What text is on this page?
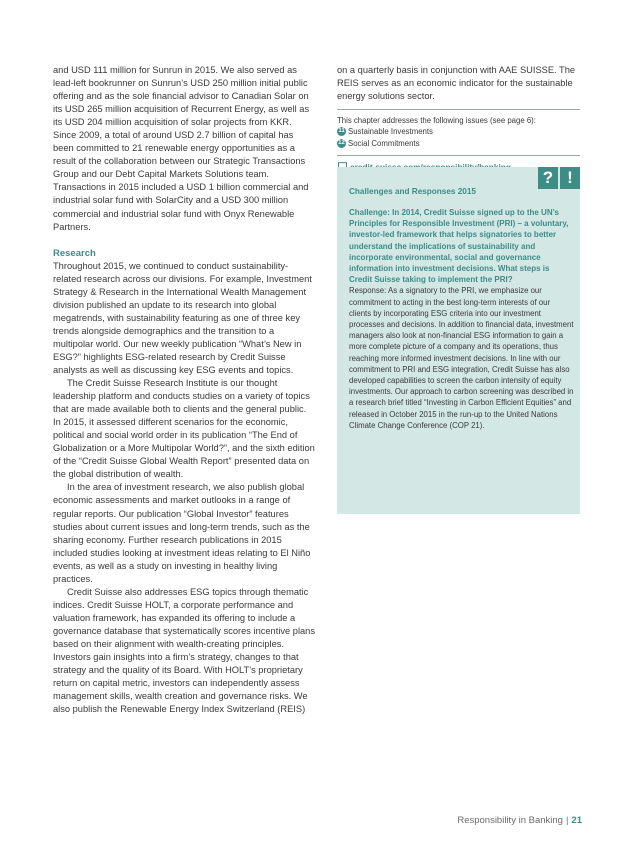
and USD 111 million for Sunrun in 2015. We also served as lead-left bookrunner on Sunrun’s USD 250 million initial public offering and as the sole financial advisor to Canadian Solar on its USD 265 million acquisition of Recurrent Energy, as well as its USD 204 million acquisition of solar projects from KKR. Since 2009, a total of around USD 2.7 billion of capital has been committed to 21 renewable energy opportunities as a result of the collaboration between our Strategic Transactions Group and our Debt Capital Markets Solutions team. Transactions in 2015 included a USD 1 billion commercial and industrial solar fund with SolarCity and a USD 300 million commercial and industrial solar fund with Onyx Renewable Partners.

Research

Throughout 2015, we continued to conduct sustainability-related research across our divisions. For example, Investment Strategy & Research in the International Wealth Management division published an update to its research into global megatrends, with sustainability featuring as one of three key trends alongside demographics and the transition to a multipolar world. Our new weekly publication “What’s New in ESG?” highlights ESG-related research by Credit Suisse analysts as well as discussing key ESG events and topics.

The Credit Suisse Research Institute is our thought leadership platform and conducts studies on a variety of topics that are made available both to clients and the general public. In 2015, it assessed different scenarios for the economic, political and social world order in its publication “The End of Globalization or a More Multipolar World?”, and the sixth edition of the “Credit Suisse Global Wealth Report” presented data on the global distribution of wealth.

In the area of investment research, we also publish global economic assessments and market outlooks in a range of regular reports. Our publication “Global Investor” features studies about current issues and long-term trends, such as the sharing economy. Further research publications in 2015 included studies looking at investment ideas relating to El Niño events, as well as a study on investing in healthy living practices.

Credit Suisse also addresses ESG topics through thematic indices. Credit Suisse HOLT, a corporate performance and valuation framework, has expanded its offering to include a governance database that systematically scores incentive plans based on their alignment with wealth-creating principles. Investors gain insights into a firm’s strategy, changes to that strategy and the quality of its Board. With HOLT’s proprietary return on capital metric, investors can independently assess management skills, wealth creation and governance risks. We also publish the Renewable Energy Index Switzerland (REIS)

on a quarterly basis in conjunction with AAE SUISSE. The REIS serves as an economic indicator for the sustainable energy solutions sector.

This chapter addresses the following issues (see page 6):
11 Sustainable Investments
12 Social Commitments
? !
Challenges and Responses 2015
Challenge: In 2014, Credit Suisse signed up to the UN’s Principles for Responsible Investment (PRI) – a voluntary, investor-led framework that helps signatories to better understand the implications of sustainability and incorporate environmental, social and governance information into investment decisions. What steps is Credit Suisse taking to implement the PRI?
Response: As a signatory to the PRI, we emphasize our commitment to acting in the best long-term interests of our clients by incorporating ESG criteria into our investment processes and decisions. In addition to financial data, investment managers also look at non-financial ESG information to gain a more complete picture of a company and its operations, thus reaching more informed investment decisions. In line with our commitment to PRI and ESG integration, Credit Suisse has also developed capabilities to screen the carbon intensity of equity investments. Our approach to carbon screening was described in a research brief titled “Investing in Carbon Efficient Equities” and released in October 2015 in the run-up to the United Nations Climate Change Conference (COP 21).
Responsibility in Banking | 21
